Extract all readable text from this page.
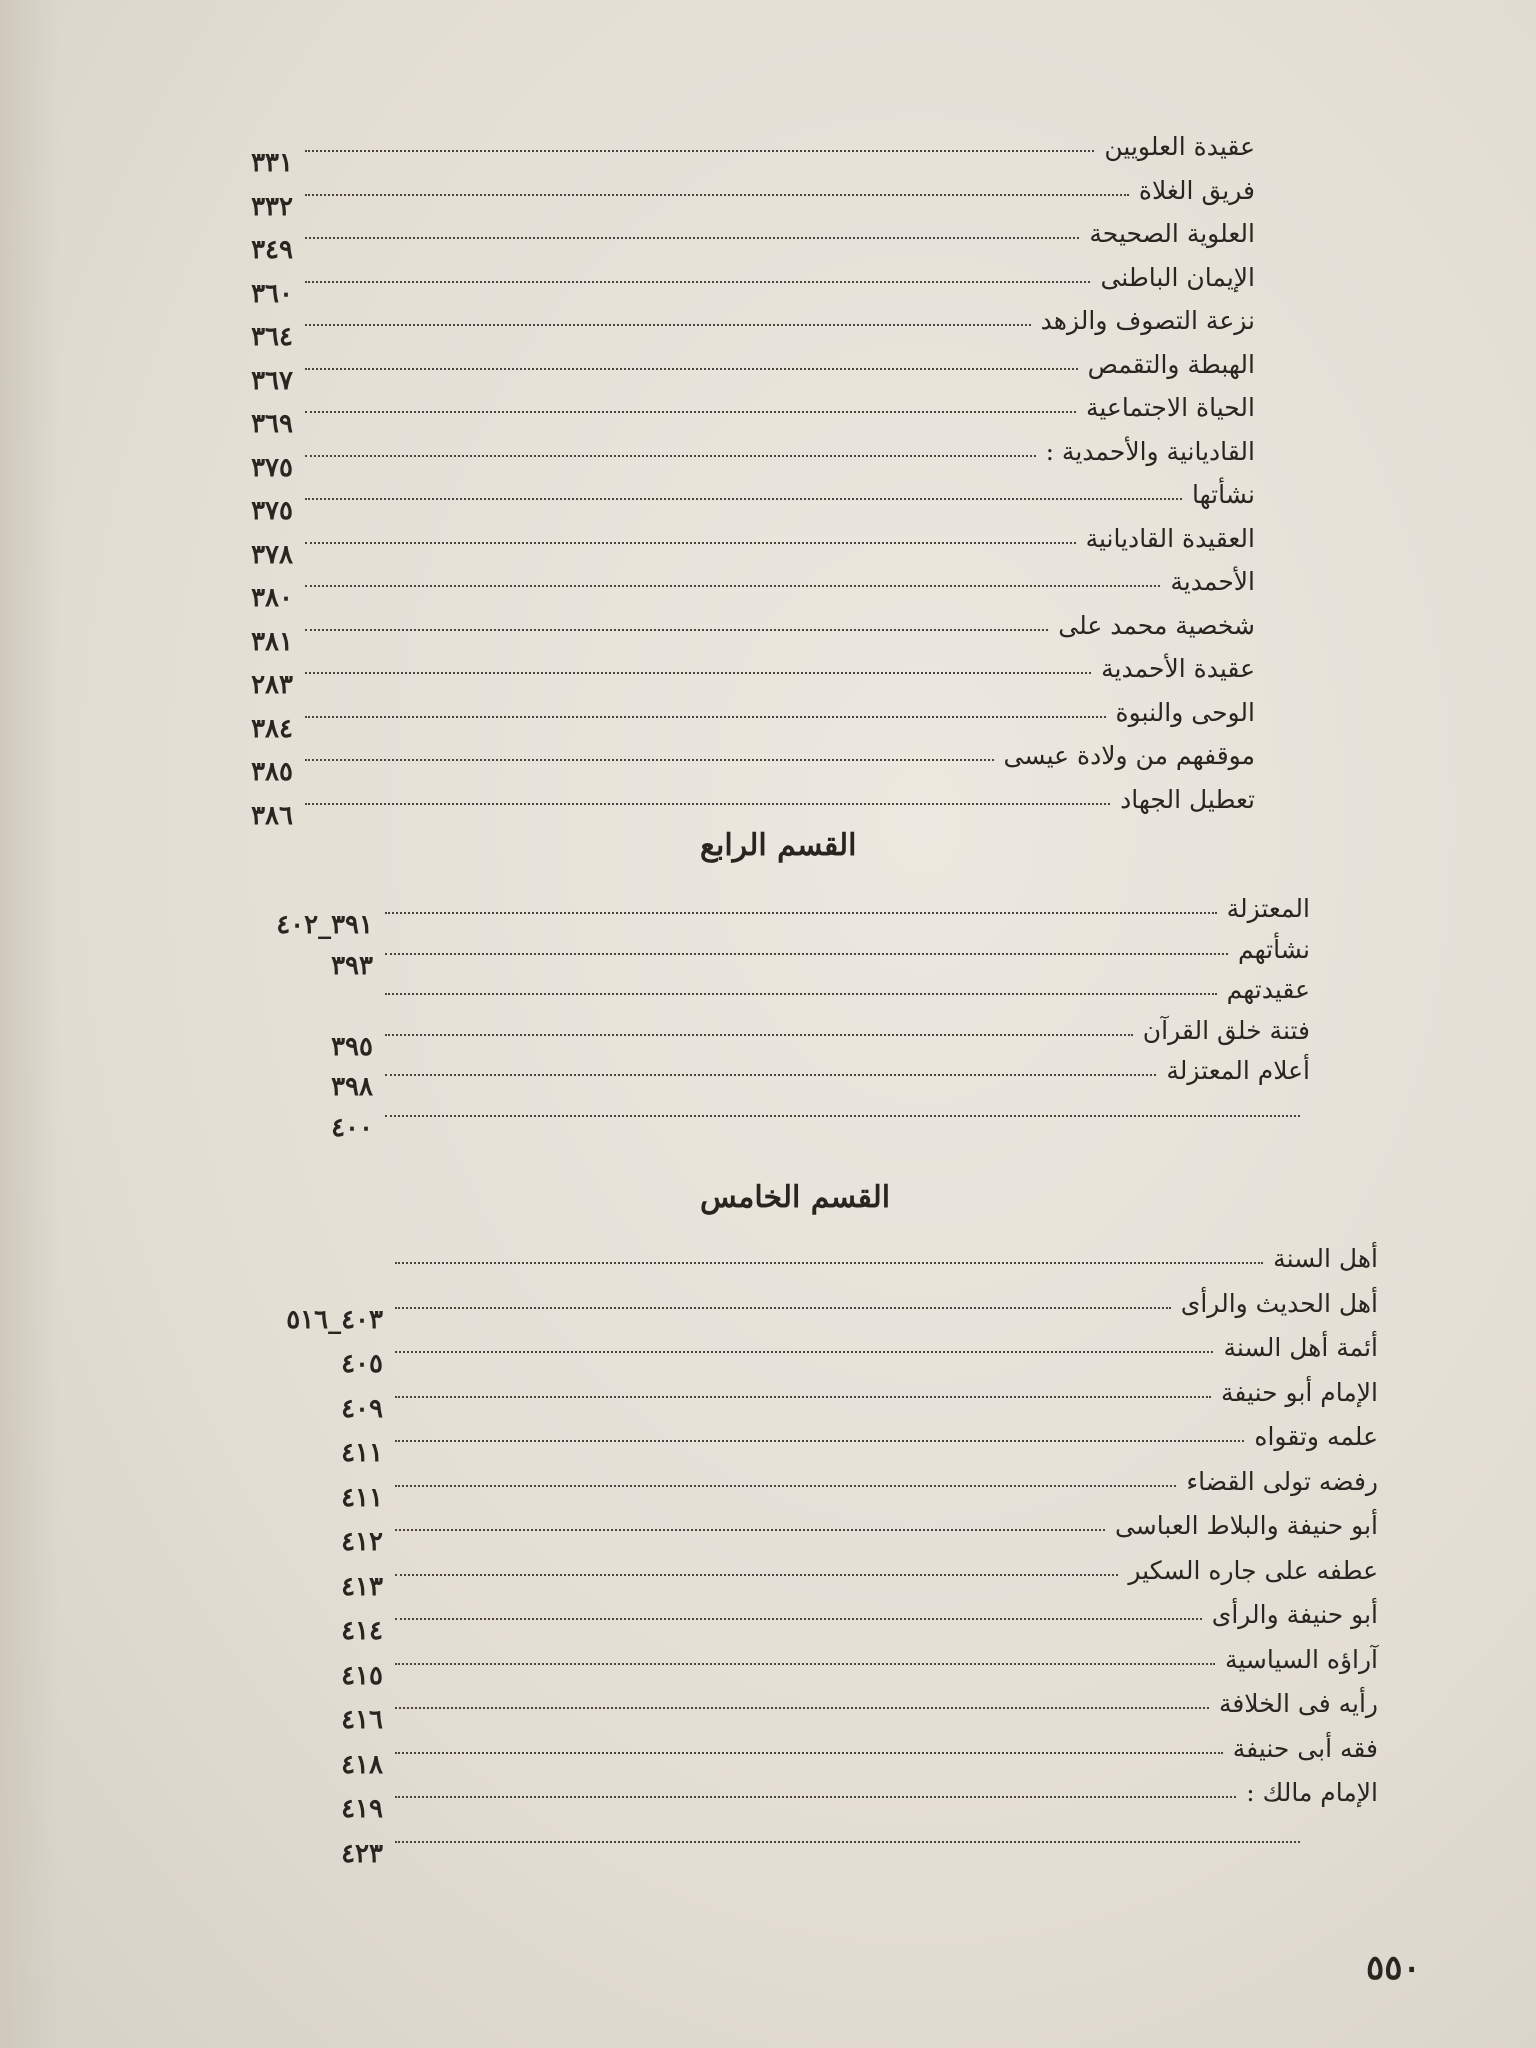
عقيدة العلويين
٣٣١
فريق الغلاة
٣٣٢
العلوية الصحيحة
٣٤٩
الإيمان الباطنى
٣٦٠
نزعة التصوف والزهد
٣٦٤
الهبطة والتقمص
٣٦٧
الحياة الاجتماعية
٣٦٩
القاديانية والأحمدية :
٣٧٥
نشأتها
٣٧٥
العقيدة القاديانية
٣٧٨
الأحمدية
٣٨٠
شخصية محمد على
٣٨١
عقيدة الأحمدية
٢٨٣
الوحى والنبوة
٣٨٤
موقفهم من ولادة عيسى
٣٨٥
تعطيل الجهاد
٣٨٦
المعتزلة
٣٩١_٤٠٢
نشأتهم
٣٩٣
عقيدتهم
فتنة خلق القرآن
٣٩٥
أعلام المعتزلة
٣٩٨
٤٠٠
أهل السنة
أهل الحديث والرأى
٤٠٣_٥١٦
أئمة أهل السنة
٤٠٥
الإمام أبو حنيفة
٤٠٩
علمه وتقواه
٤١١
رفضه تولى القضاء
٤١١
أبو حنيفة والبلاط العباسى
٤١٢
عطفه على جاره السكير
٤١٣
أبو حنيفة والرأى
٤١٤
آراؤه السياسية
٤١٥
رأيه فى الخلافة
٤١٦
فقه أبى حنيفة
٤١٨
الإمام مالك :
٤١٩
٤٢٣
القسم الرابع
القسم الخامس
٥٥٠
